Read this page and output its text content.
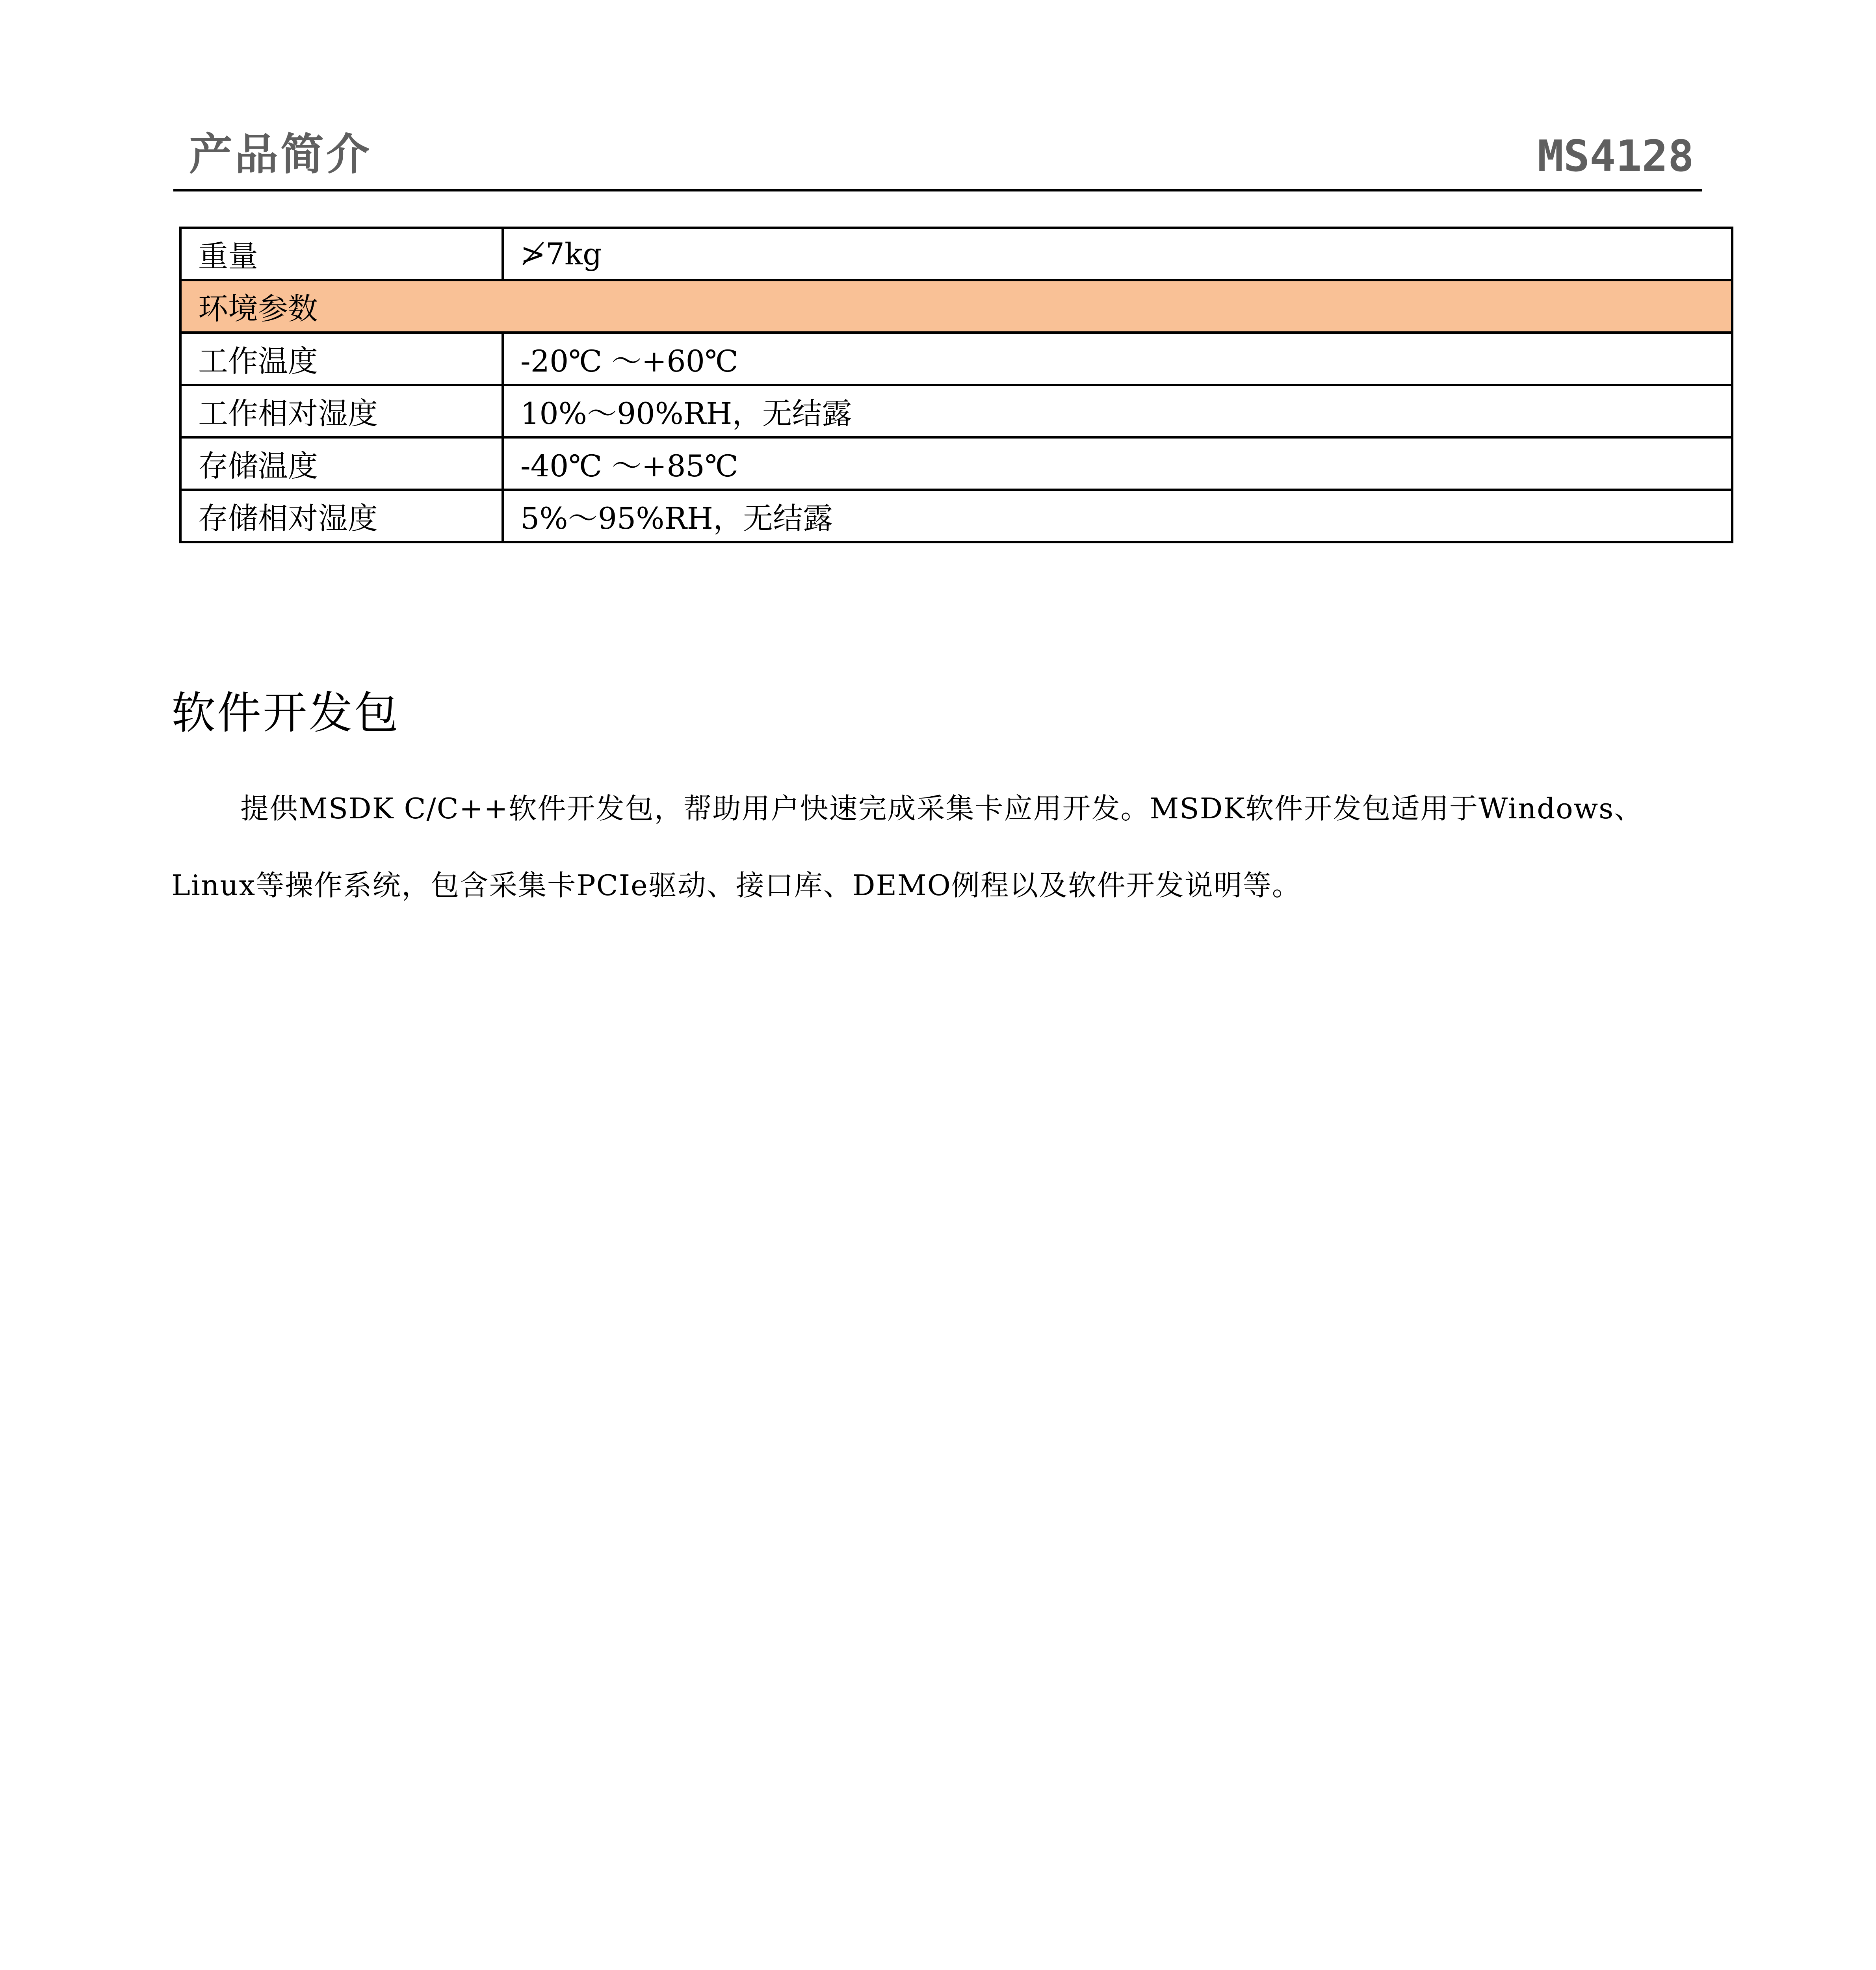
产品简介	MS4128
重量	≯7kg
环境参数	
工作温度	-20℃ ～+60℃
工作相对湿度	10%～90%RH，无结露
存储温度	-40℃ ～+85℃
存储相对湿度	5%～95%RH，无结露
软件开发包

提供MSDK C/C++软件开发包，帮助用户快速完成采集卡应用开发。MSDK软件开发包适用于Windows、Linux等操作系统，包含采集卡PCIe驱动、接口库、DEMO例程以及软件开发说明等。
